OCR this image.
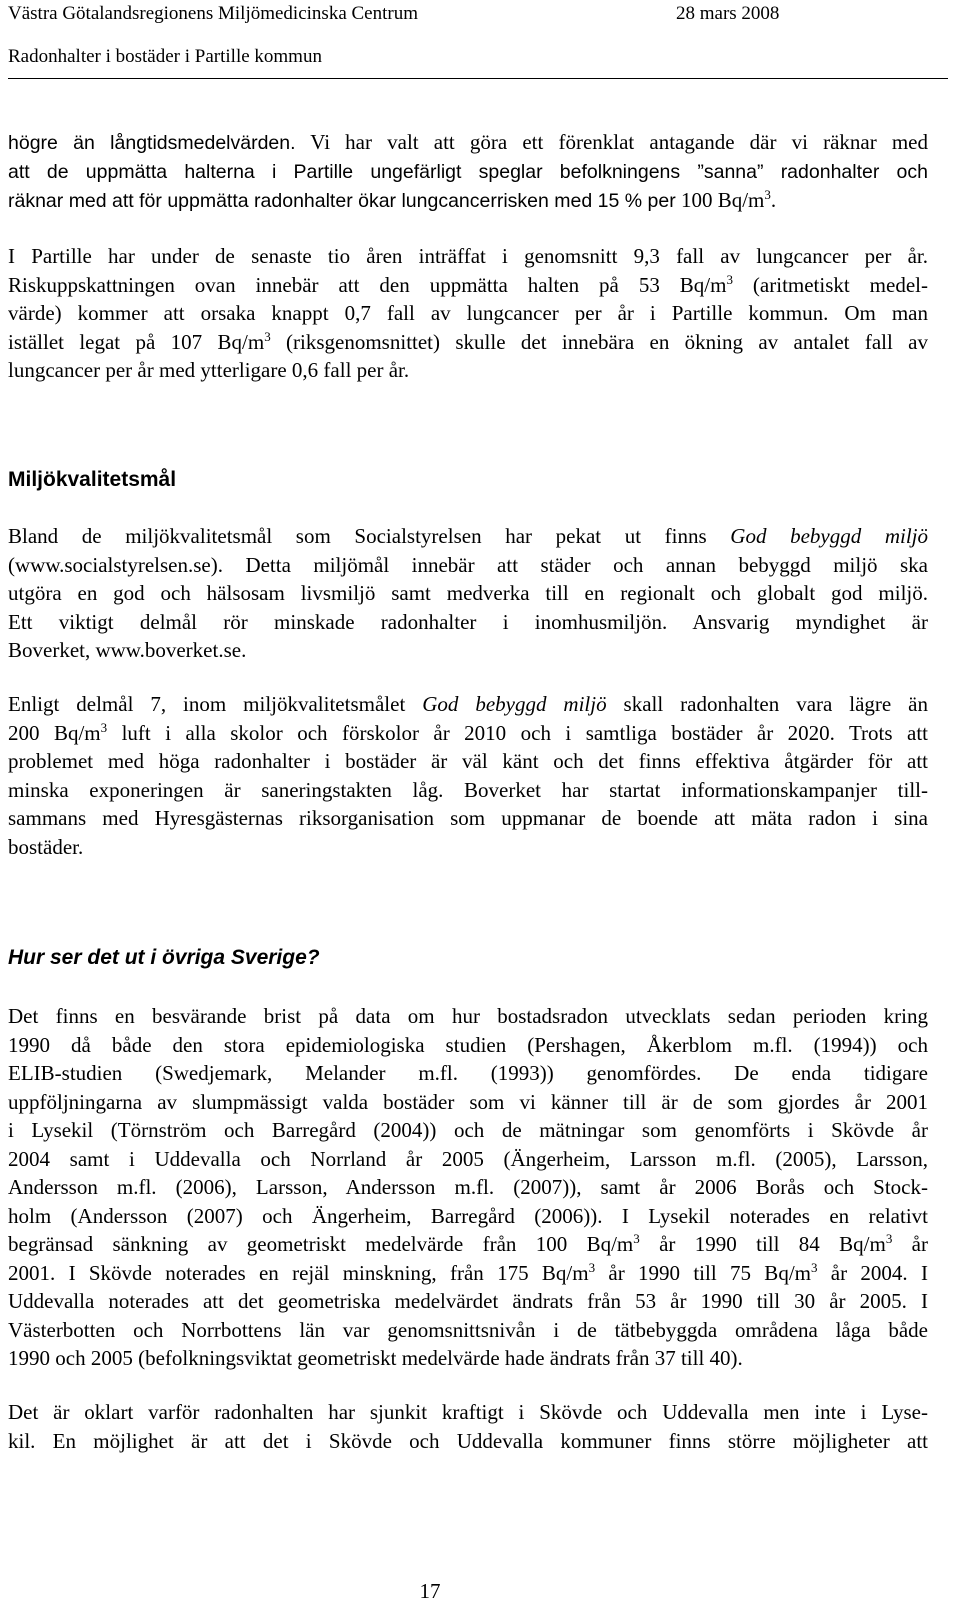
Västra Götalandsregionens Miljömedicinska Centrum	28 mars 2008
Radonhalter i bostäder i Partille kommun
högre än långtidsmedelvärden. Vi har valt att göra ett förenklat antagande där vi räknar med
att de uppmätta halterna i Partille ungefärligt speglar befolkningens ”sanna” radonhalter och
räknar med att för uppmätta radonhalter ökar lungcancerrisken med 15 % per 100 $Bq/m^3$.
I Partille har under de senaste tio åren inträffat i genomsnitt 9,3 fall av lungcancer per år.
Riskuppskattningen ovan innebär att den uppmätta halten på 53 $Bq/m^3$ (aritmetiskt medel-
värde) kommer att orsaka knappt 0,7 fall av lungcancer per år i Partille kommun. Om man
istället legat på 107 $Bq/m^3$ (riksgenomsnittet) skulle det innebära en ökning av antalet fall av
lungcancer per år med ytterligare 0,6 fall per år.
Miljökvalitetsmål
Bland de miljökvalitetsmål som Socialstyrelsen har pekat ut finns God bebyggd miljö
(www.socialstyrelsen.se). Detta miljömål innebär att städer och annan bebyggd miljö ska
utgöra en god och hälsosam livsmiljö samt medverka till en regionalt och globalt god miljö.
Ett viktigt delmål rör minskade radonhalter i inomhusmiljön. Ansvarig myndighet är
Boverket, www.boverket.se.
Enligt delmål 7, inom miljökvalitetsmålet God bebyggd miljö skall radonhalten vara lägre än
200 $Bq/m^3$ luft i alla skolor och förskolor år 2010 och i samtliga bostäder år 2020. Trots att
problemet med höga radonhalter i bostäder är väl känt och det finns effektiva åtgärder för att
minska exponeringen är saneringstakten låg. Boverket har startat informationskampanjer till-
sammans med Hyresgästernas riksorganisation som uppmanar de boende att mäta radon i sina
bostäder.
Hur ser det ut i övriga Sverige?
Det finns en besvärande brist på data om hur bostadsradon utvecklats sedan perioden kring
1990 då både den stora epidemiologiska studien (Pershagen, Åkerblom m.fl. (1994)) och
ELIB-studien (Swedjemark, Melander m.fl. (1993)) genomfördes. De enda tidigare
uppföljningarna av slumpmässigt valda bostäder som vi känner till är de som gjordes år 2001
i Lysekil (Törnström och Barregård (2004)) och de mätningar som genomförts i Skövde år
2004 samt i Uddevalla och Norrland år 2005 (Ängerheim, Larsson m.fl. (2005), Larsson,
Andersson m.fl. (2006), Larsson, Andersson m.fl. (2007)), samt år 2006 Borås och Stock-
holm (Andersson (2007) och Ängerheim, Barregård (2006)). I Lysekil noterades en relativt
begränsad sänkning av geometriskt medelvärde från 100 $Bq/m^3$ år 1990 till 84 $Bq/m^3$ år
2001. I Skövde noterades en rejäl minskning, från 175 $Bq/m^3$ år 1990 till 75 $Bq/m^3$ år 2004. I
Uddevalla noterades att det geometriska medelvärdet ändrats från 53 år 1990 till 30 år 2005. I
Västerbotten och Norrbottens län var genomsnittsnivån i de tätbebyggda områdena låga både
1990 och 2005 (befolkningsviktat geometriskt medelvärde hade ändrats från 37 till 40).
Det är oklart varför radonhalten har sjunkit kraftigt i Skövde och Uddevalla men inte i Lyse-
kil. En möjlighet är att det i Skövde och Uddevalla kommuner finns större möjligheter att
17
